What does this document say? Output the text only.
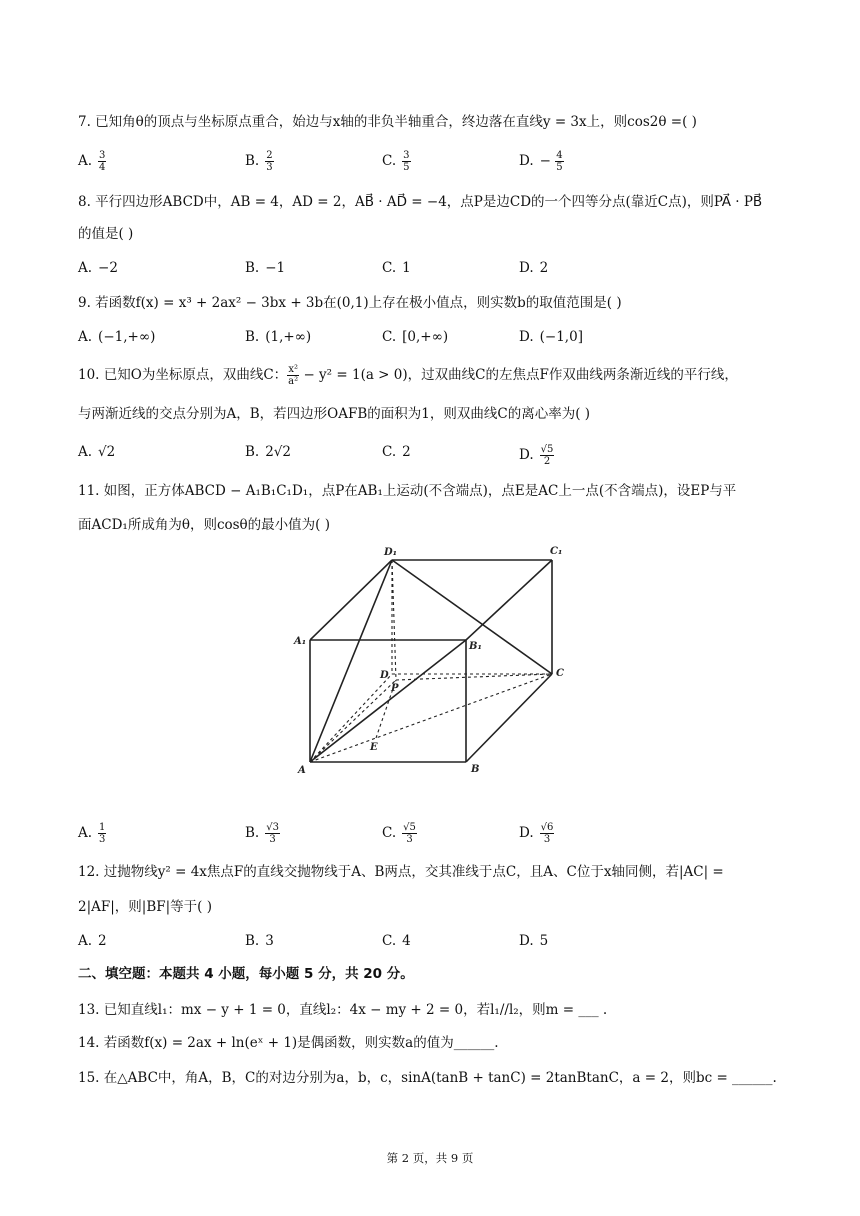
7. 已知角θ的顶点与坐标原点重合，始边与x轴的非负半轴重合，终边落在直线y = 3x上，则cos2θ =( )
A. $\frac{3}{4}$	B. $\frac{2}{3}$	C. $\frac{3}{5}$	D. − $\frac{4}{5}$
8. 平行四边形ABCD中，AB = 4，AD = 2，AB⃗ · AD⃗ = −4，点P是边CD的一个四等分点(靠近C点)，则PA⃗ · PB⃗
的值是( )
A. −2	B. −1	C. 1	D. 2
9. 若函数f(x) = x³ + 2ax² − 3bx + 3b在(0,1)上存在极小值点，则实数b的取值范围是( )
A. (−1,+∞)	B. (1,+∞)	C. [0,+∞)	D. (−1,0]
10. 已知O为坐标原点，双曲线C： $\frac{\text{x²}}{\text{a²}} - y^2 = 1(a > 0)$，过双曲线C的左焦点F作双曲线两条渐近线的平行线，
与两渐近线的交点分别为A，B，若四边形OAFB的面积为1，则双曲线C的离心率为( )
A. √2	B. 2√2	C. 2	D. $\frac{√5}{2}$
11. 如图，正方体ABCD − A₁B₁C₁D₁，点P在AB₁上运动(不含端点)，点E是AC上一点(不含端点)，设EP与平
面ACD₁所成角为θ，则cosθ的最小值为( )
D₁	C₁
A₁	B₁
D
P
C
E
A	B
A. $\frac{1}{3}$	B. $\frac{√3}{3}$	C. $\frac{√5}{3}$	D. $\frac{√6}{3}$
12. 过抛物线y² = 4x焦点F的直线交抛物线于A、B两点，交其准线于点C，且A、C位于x轴同侧，若|AC| =
2|AF|，则|BF|等于( )
A. 2	B. 3	C. 4	D. 5
二、填空题：本题共 4 小题，每小题 5 分，共 20 分。
13. 已知直线l₁：mx − y + 1 = 0，直线l₂：4x − my + 2 = 0，若l₁//l₂，则m = ___ .
14. 若函数f(x) = 2ax + ln(eˣ + 1)是偶函数，则实数a的值为______.
15. 在△ABC中，角A，B，C的对边分别为a，b，c，sinA(tanB + tanC) = 2tanBtanC，a = 2，则bc = ______.
第 2 页，共 9 页
